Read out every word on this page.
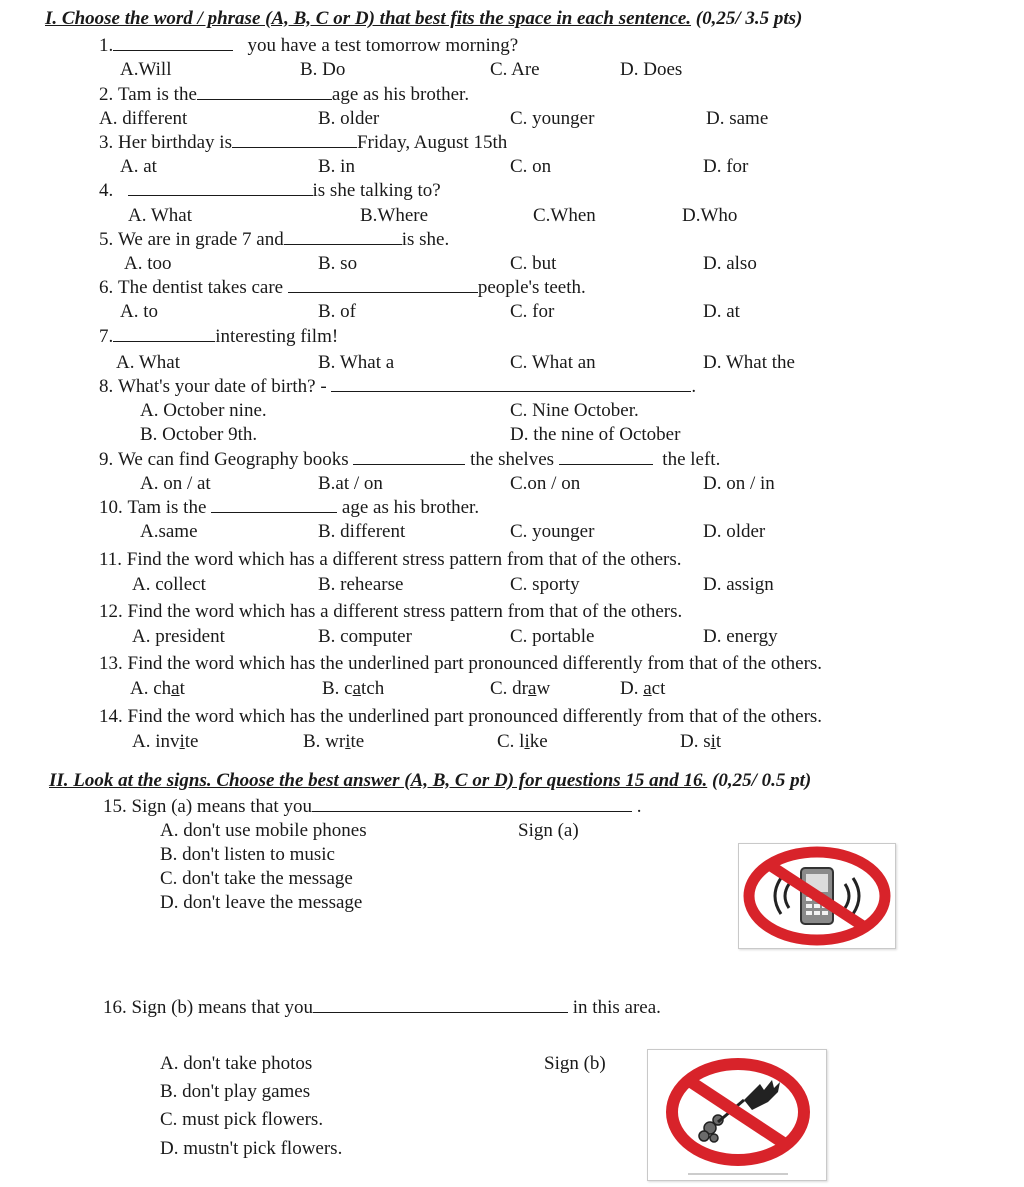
I. Choose the word / phrase (A, B, C or D) that best fits the space in each sentence. (0,25/ 3.5 pts)
1.	you have a test tomorrow morning?
A.Will	B. Do	C. Are	D. Does
2. Tam is the	age as his brother.
A. different	B. older	C. younger	D. same
3. Her birthday is	Friday, August 15th
A. at	B. in	C. on	D. for
4.	is she talking to?
A. What	B.Where	C.When	D.Who
5. We are in grade 7 and	is she.
A. too	B. so	C. but	D. also
6. The dentist takes care	people's teeth.
A. to	B. of	C. for	D. at
7.	interesting film!
A. What	B. What a	C. What an	D. What the
8. What's your date of birth? -	.
A. October nine.
B. October 9th.
C. Nine October.
D. the nine of October
9. We can find Geography books	the shelves	the left.
A. on / at	B.at / on	C.on / on	D. on / in
10. Tam is the	age as his brother.
A.same	B. different	C. younger	D. older
11. Find the word which has a different stress pattern from that of the others.
A. collect	B. rehearse	C. sporty	D. assign
12. Find the word which has a different stress pattern from that of the others.
A. president	B. computer	C. portable	D. energy
13. Find the word which has the underlined part pronounced differently from that of the others.
A. chat	B. catch	C. draw	D. act
14. Find the word which has the underlined part pronounced differently from that of the others.
A. invite	B. write	C. like	D. sit
II. Look at the signs. Choose the best answer (A, B, C or D) for questions 15 and 16. (0,25/ 0.5 pt)
15. Sign (a) means that you	.
A. don't use mobile phones
B. don't listen to music
C. don't take the message
D. don't leave the message
Sign (a)
16. Sign (b) means that you	in this area.
A. don't take photos
B. don't play games
C. must pick flowers.
D. mustn't pick flowers.
Sign (b)
